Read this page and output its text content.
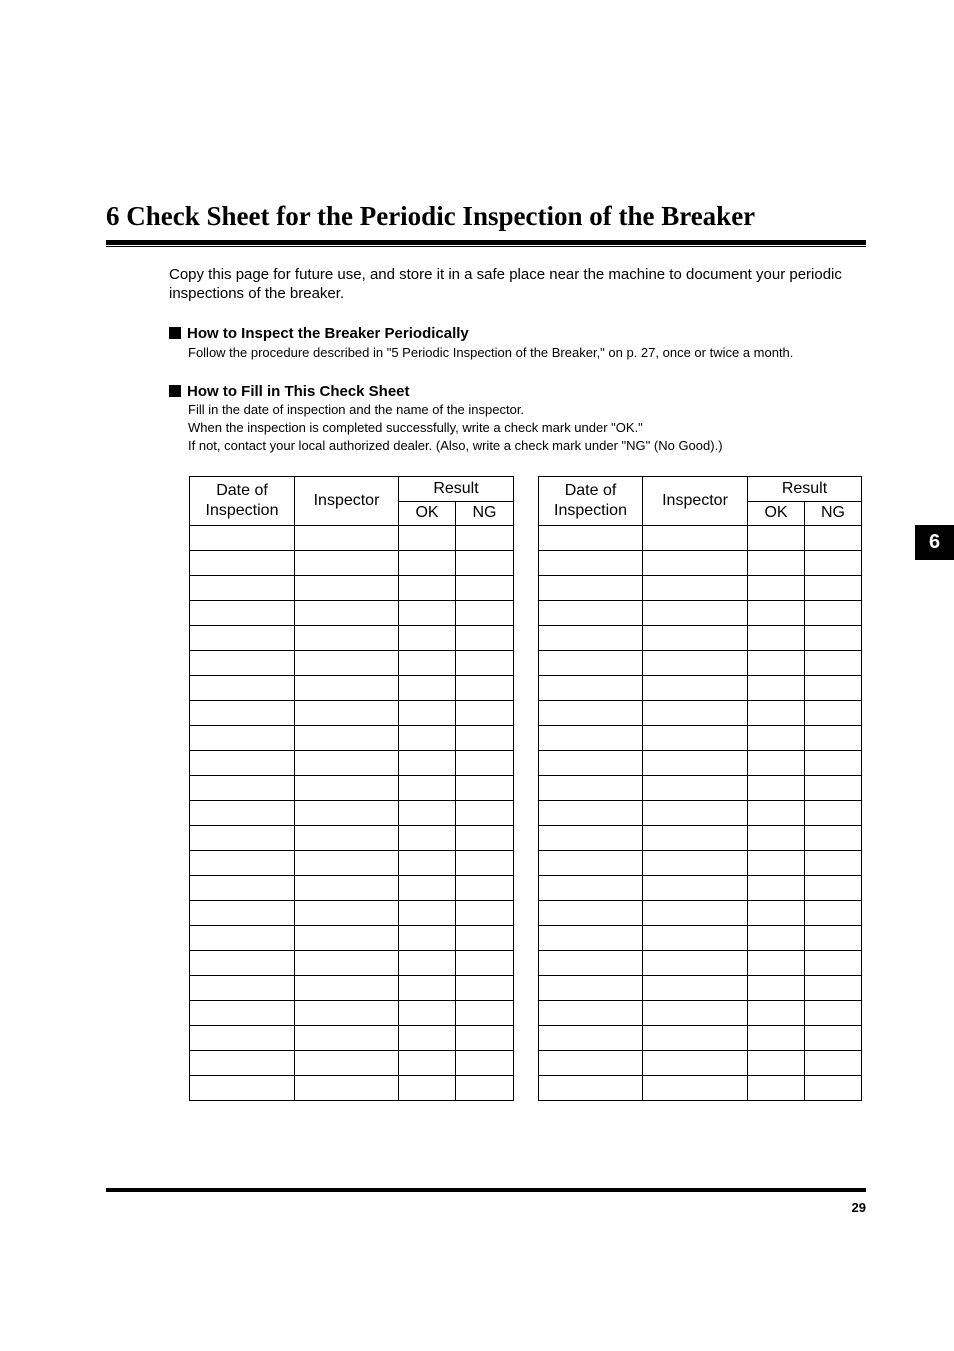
6 Check Sheet for the Periodic Inspection of the Breaker

Copy this page for future use, and store it in a safe place near the machine to document your periodic inspections of the breaker.

How to Inspect the Breaker Periodically
Follow the procedure described in "5 Periodic Inspection of the Breaker," on p. 27, once or twice a month.
How to Fill in This Check Sheet
Fill in the date of inspection and the name of the inspector.
When the inspection is completed successfully, write a check mark under "OK."
If not, contact your local authorized dealer. (Also, write a check mark under "NG" (No Good).)
Date of
Inspection	Inspector	Result	
		OK	NG

Date of
Inspection	Inspector	Result	
		OK	NG

6
29
